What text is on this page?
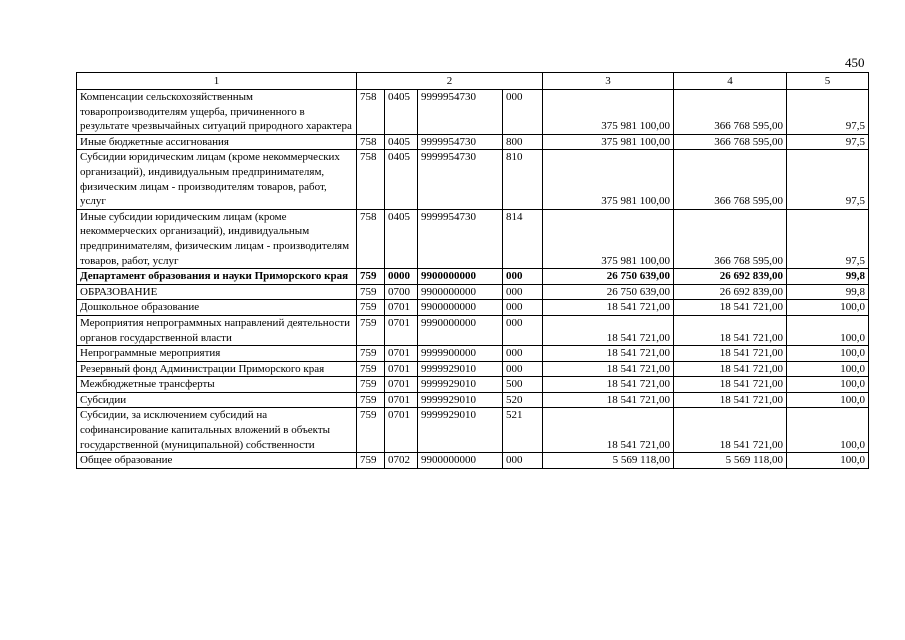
450
1	2				3	4	5
Компенсации сельскохозяйственным товаропроизводителям ущерба, причиненного в результате чрезвычайных ситуаций природного характера	758	0405	9999954730	000	375 981 100,00	366 768 595,00	97,5
Иные бюджетные ассигнования	758	0405	9999954730	800	375 981 100,00	366 768 595,00	97,5
Субсидии юридическим лицам (кроме некоммерческих организаций), индивидуальным предпринимателям, физическим лицам - производителям товаров, работ, услуг	758	0405	9999954730	810	375 981 100,00	366 768 595,00	97,5
Иные субсидии юридическим лицам (кроме некоммерческих организаций), индивидуальным предпринимателям, физическим лицам - производителям товаров, работ, услуг	758	0405	9999954730	814	375 981 100,00	366 768 595,00	97,5
Департамент образования и науки Приморского края	759	0000	9900000000	000	26 750 639,00	26 692 839,00	99,8
ОБРАЗОВАНИЕ	759	0700	9900000000	000	26 750 639,00	26 692 839,00	99,8
Дошкольное образование	759	0701	9900000000	000	18 541 721,00	18 541 721,00	100,0
Мероприятия непрограммных направлений деятельности органов государственной власти	759	0701	9990000000	000	18 541 721,00	18 541 721,00	100,0
Непрограммные мероприятия	759	0701	9999900000	000	18 541 721,00	18 541 721,00	100,0
Резервный фонд Администрации Приморского края	759	0701	9999929010	000	18 541 721,00	18 541 721,00	100,0
Межбюджетные трансферты	759	0701	9999929010	500	18 541 721,00	18 541 721,00	100,0
Субсидии	759	0701	9999929010	520	18 541 721,00	18 541 721,00	100,0
Субсидии, за исключением субсидий на софинансирование капитальных вложений в объекты государственной (муниципальной) собственности	759	0701	9999929010	521	18 541 721,00	18 541 721,00	100,0
Общее образование	759	0702	9900000000	000	5 569 118,00	5 569 118,00	100,0
